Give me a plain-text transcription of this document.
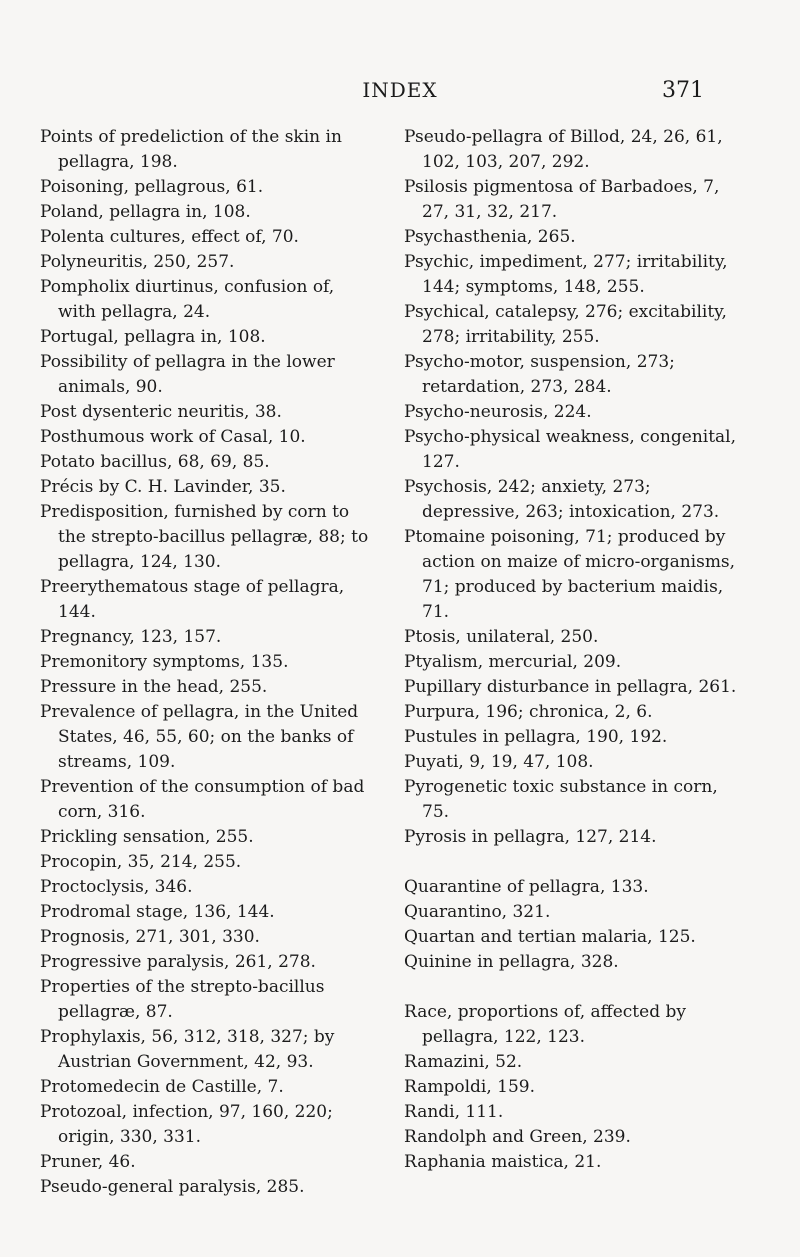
INDEX	371

Points of predeliction of the skin in pellagra, 198.

Poisoning, pellagrous, 61.

Poland, pellagra in, 108.

Polenta cultures, effect of, 70.

Polyneuritis, 250, 257.

Pompholix diurtinus, confusion of, with pellagra, 24.

Portugal, pellagra in, 108.

Possibility of pellagra in the lower animals, 90.

Post dysenteric neuritis, 38.

Posthumous work of Casal, 10.

Potato bacillus, 68, 69, 85.

Précis by C. H. Lavinder, 35.

Predisposition, furnished by corn to the strepto-bacillus pellagræ, 88; to pellagra, 124, 130.

Preerythematous stage of pellagra, 144.

Pregnancy, 123, 157.

Premonitory symptoms, 135.

Pressure in the head, 255.

Prevalence of pellagra, in the United States, 46, 55, 60; on the banks of streams, 109.

Prevention of the consumption of bad corn, 316.

Prickling sensation, 255.

Procopin, 35, 214, 255.

Proctoclysis, 346.

Prodromal stage, 136, 144.

Prognosis, 271, 301, 330.

Progressive paralysis, 261, 278.

Properties of the strepto-bacillus pellagræ, 87.

Prophylaxis, 56, 312, 318, 327; by Austrian Government, 42, 93.

Protomedecin de Castille, 7.

Protozoal, infection, 97, 160, 220; origin, 330, 331.

Pruner, 46.

Pseudo-general paralysis, 285.

Pseudo-pellagra of Billod, 24, 26, 61, 102, 103, 207, 292.

Psilosis pigmentosa of Barbadoes, 7, 27, 31, 32, 217.

Psychasthenia, 265.

Psychic, impediment, 277; irritability, 144; symptoms, 148, 255.

Psychical, catalepsy, 276; excitability, 278; irritability, 255.

Psycho-motor, suspension, 273; retardation, 273, 284.

Psycho-neurosis, 224.

Psycho-physical weakness, congenital, 127.

Psychosis, 242; anxiety, 273; depressive, 263; intoxication, 273.

Ptomaine poisoning, 71; produced by action on maize of micro-organisms, 71; produced by bacterium maidis, 71.

Ptosis, unilateral, 250.

Ptyalism, mercurial, 209.

Pupillary disturbance in pellagra, 261.

Purpura, 196; chronica, 2, 6.

Pustules in pellagra, 190, 192.

Puyati, 9, 19, 47, 108.

Pyrogenetic toxic substance in corn, 75.

Pyrosis in pellagra, 127, 214.

Quarantine of pellagra, 133.

Quarantino, 321.

Quartan and tertian malaria, 125.

Quinine in pellagra, 328.

Race, proportions of, affected by pellagra, 122, 123.

Ramazini, 52.

Rampoldi, 159.

Randi, 111.

Randolph and Green, 239.

Raphania maistica, 21.
